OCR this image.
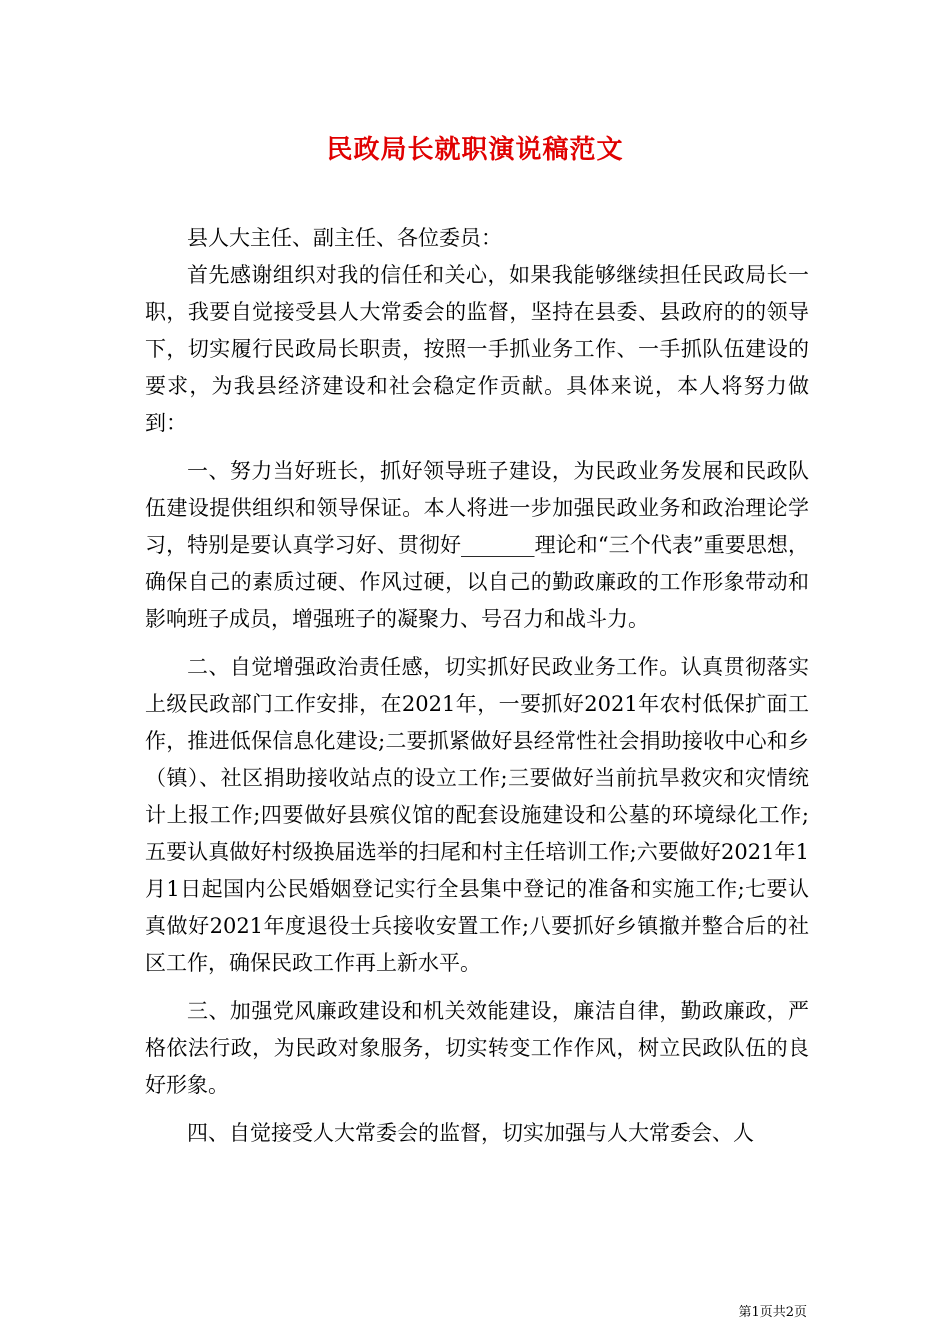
民政局长就职演说稿范文

县人大主任、副主任、各位委员：

首先感谢组织对我的信任和关心，如果我能够继续担任民政局长一职，我要自觉接受县人大常委会的监督，坚持在县委、县政府的的领导下，切实履行民政局长职责，按照一手抓业务工作、一手抓队伍建设的要求，为我县经济建设和社会稳定作贡献。具体来说，本人将努力做到：

一、努力当好班长，抓好领导班子建设，为民政业务发展和民政队伍建设提供组织和领导保证。本人将进一步加强民政业务和政治理论学习，特别是要认真学习好、贯彻好_______理论和“三个代表”重要思想，确保自己的素质过硬、作风过硬，以自己的勤政廉政的工作形象带动和影响班子成员，增强班子的凝聚力、号召力和战斗力。

二、自觉增强政治责任感，切实抓好民政业务工作。认真贯彻落实上级民政部门工作安排，在2021年，一要抓好2021年农村低保扩面工作，推进低保信息化建设;二要抓紧做好县经常性社会捐助接收中心和乡（镇）、社区捐助接收站点的设立工作;三要做好当前抗旱救灾和灾情统计上报工作;四要做好县殡仪馆的配套设施建设和公墓的环境绿化工作;五要认真做好村级换届选举的扫尾和村主任培训工作;六要做好2021年1月1日起国内公民婚姻登记实行全县集中登记的准备和实施工作;七要认真做好2021年度退役士兵接收安置工作;八要抓好乡镇撤并整合后的社区工作，确保民政工作再上新水平。

三、加强党风廉政建设和机关效能建设，廉洁自律，勤政廉政，严格依法行政，为民政对象服务，切实转变工作作风，树立民政队伍的良好形象。

四、自觉接受人大常委会的监督，切实加强与人大常委会、人

第1页共2页
